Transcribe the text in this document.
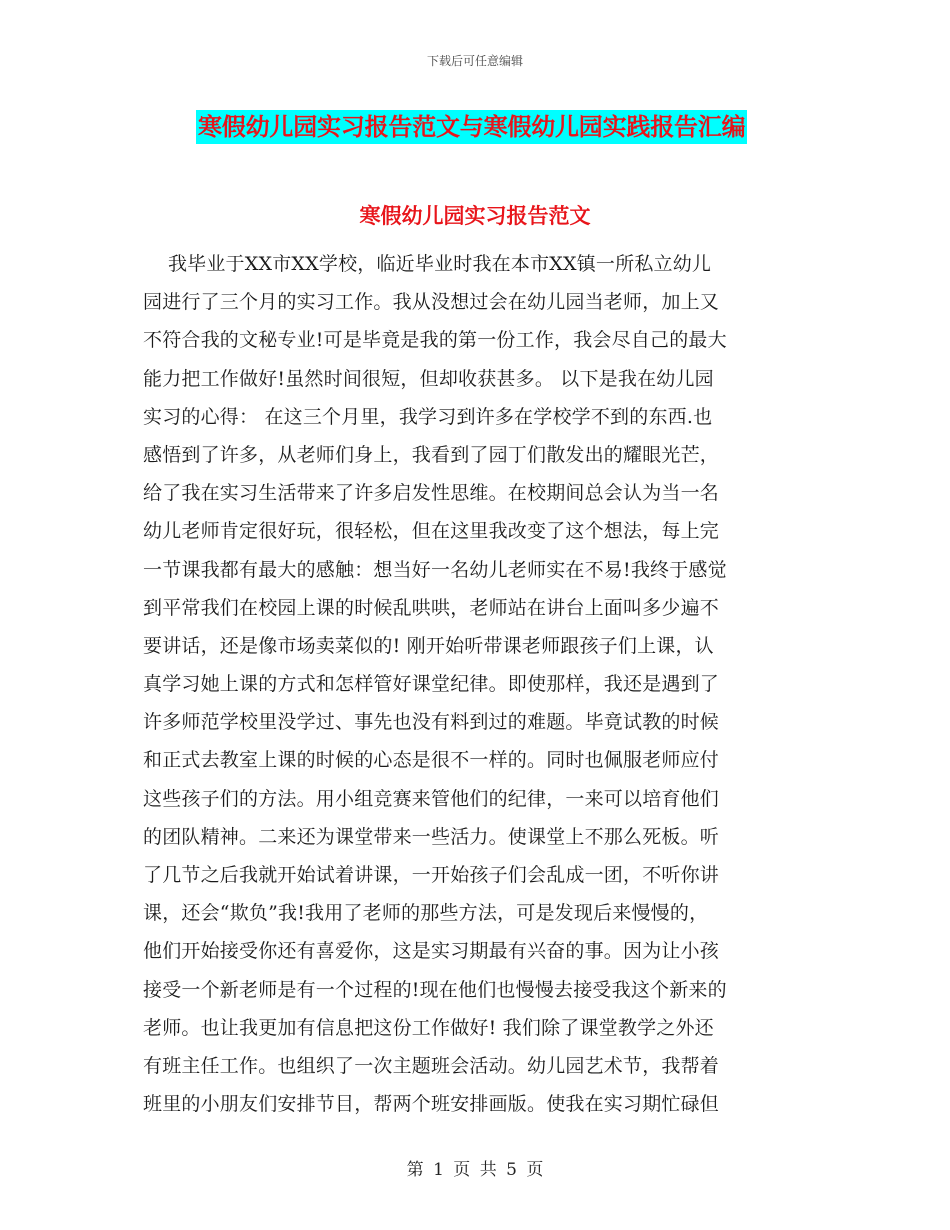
下载后可任意编辑
寒假幼儿园实习报告范文与寒假幼儿园实践报告汇编
寒假幼儿园实习报告范文
我毕业于XX市XX学校，临近毕业时我在本市XX镇一所私立幼儿
园进行了三个月的实习工作。我从没想过会在幼儿园当老师，加上又
不符合我的文秘专业!可是毕竟是我的第一份工作，我会尽自己的最大
能力把工作做好!虽然时间很短，但却收获甚多。 以下是我在幼儿园
实习的心得： 在这三个月里，我学习到许多在学校学不到的东西.也
感悟到了许多，从老师们身上，我看到了园丁们散发出的耀眼光芒，
给了我在实习生活带来了许多启发性思维。在校期间总会认为当一名
幼儿老师肯定很好玩，很轻松，但在这里我改变了这个想法，每上完
一节课我都有最大的感触：想当好一名幼儿老师实在不易!我终于感觉
到平常我们在校园上课的时候乱哄哄，老师站在讲台上面叫多少遍不
要讲话，还是像市场卖菜似的! 刚开始听带课老师跟孩子们上课，认
真学习她上课的方式和怎样管好课堂纪律。即使那样，我还是遇到了
许多师范学校里没学过、事先也没有料到过的难题。毕竟试教的时候
和正式去教室上课的时候的心态是很不一样的。同时也佩服老师应付
这些孩子们的方法。用小组竞赛来管他们的纪律，一来可以培育他们
的团队精神。二来还为课堂带来一些活力。使课堂上不那么死板。听
了几节之后我就开始试着讲课，一开始孩子们会乱成一团，不听你讲
课，还会“欺负”我!我用了老师的那些方法，可是发现后来慢慢的，
他们开始接受你还有喜爱你，这是实习期最有兴奋的事。因为让小孩
接受一个新老师是有一个过程的!现在他们也慢慢去接受我这个新来的
老师。也让我更加有信息把这份工作做好! 我们除了课堂教学之外还
有班主任工作。也组织了一次主题班会活动。幼儿园艺术节，我帮着
班里的小朋友们安排节目，帮两个班安排画版。使我在实习期忙碌但
第 1 页 共 5 页
